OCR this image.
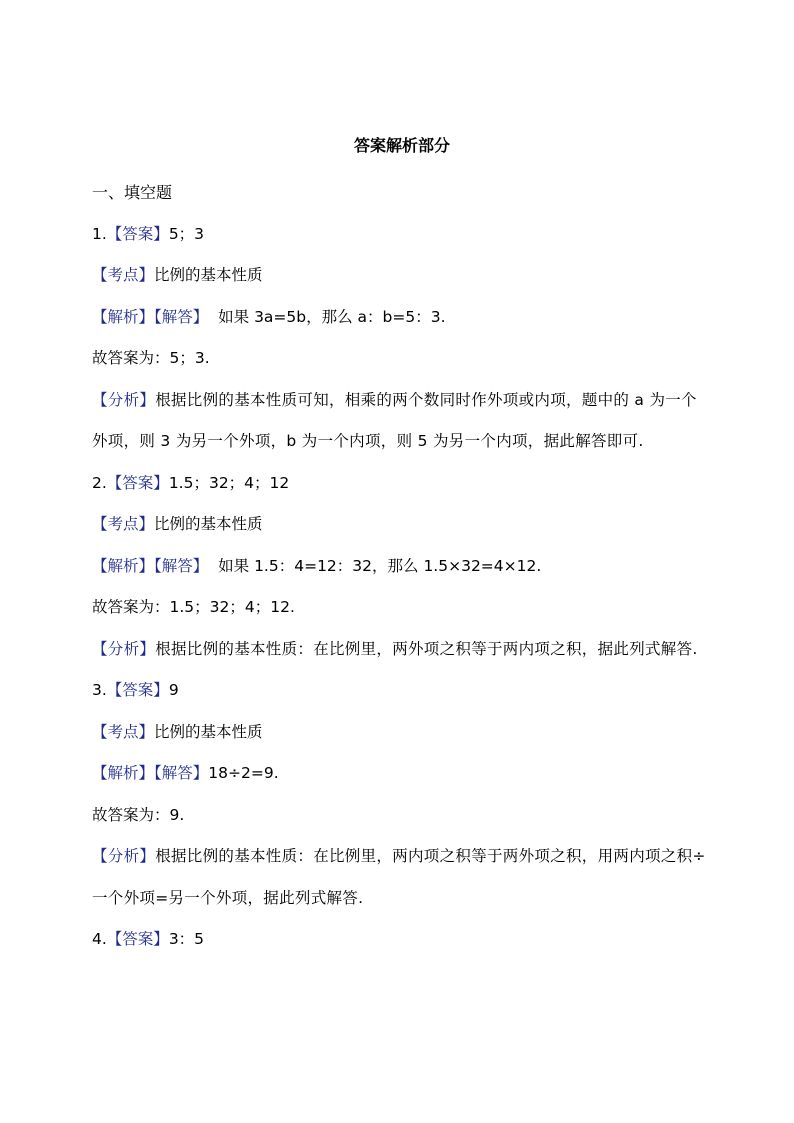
答案解析部分
一、填空题
1.【答案】5；3
【考点】比例的基本性质
【解析】【解答】 如果 3a=5b，那么 a：b=5：3.
故答案为：5；3.
【分析】根据比例的基本性质可知，相乘的两个数同时作外项或内项，题中的 a 为一个外项，则 3 为另一个外项，b 为一个内项，则 5 为另一个内项，据此解答即可.
2.【答案】1.5；32；4；12
【考点】比例的基本性质
【解析】【解答】 如果 1.5：4=12：32，那么 1.5×32=4×12.
故答案为：1.5；32；4；12.
【分析】根据比例的基本性质：在比例里，两外项之积等于两内项之积，据此列式解答.
3.【答案】9
【考点】比例的基本性质
【解析】【解答】18÷2=9.
故答案为：9.
【分析】根据比例的基本性质：在比例里，两内项之积等于两外项之积，用两内项之积÷一个外项=另一个外项，据此列式解答.
4.【答案】3：5
